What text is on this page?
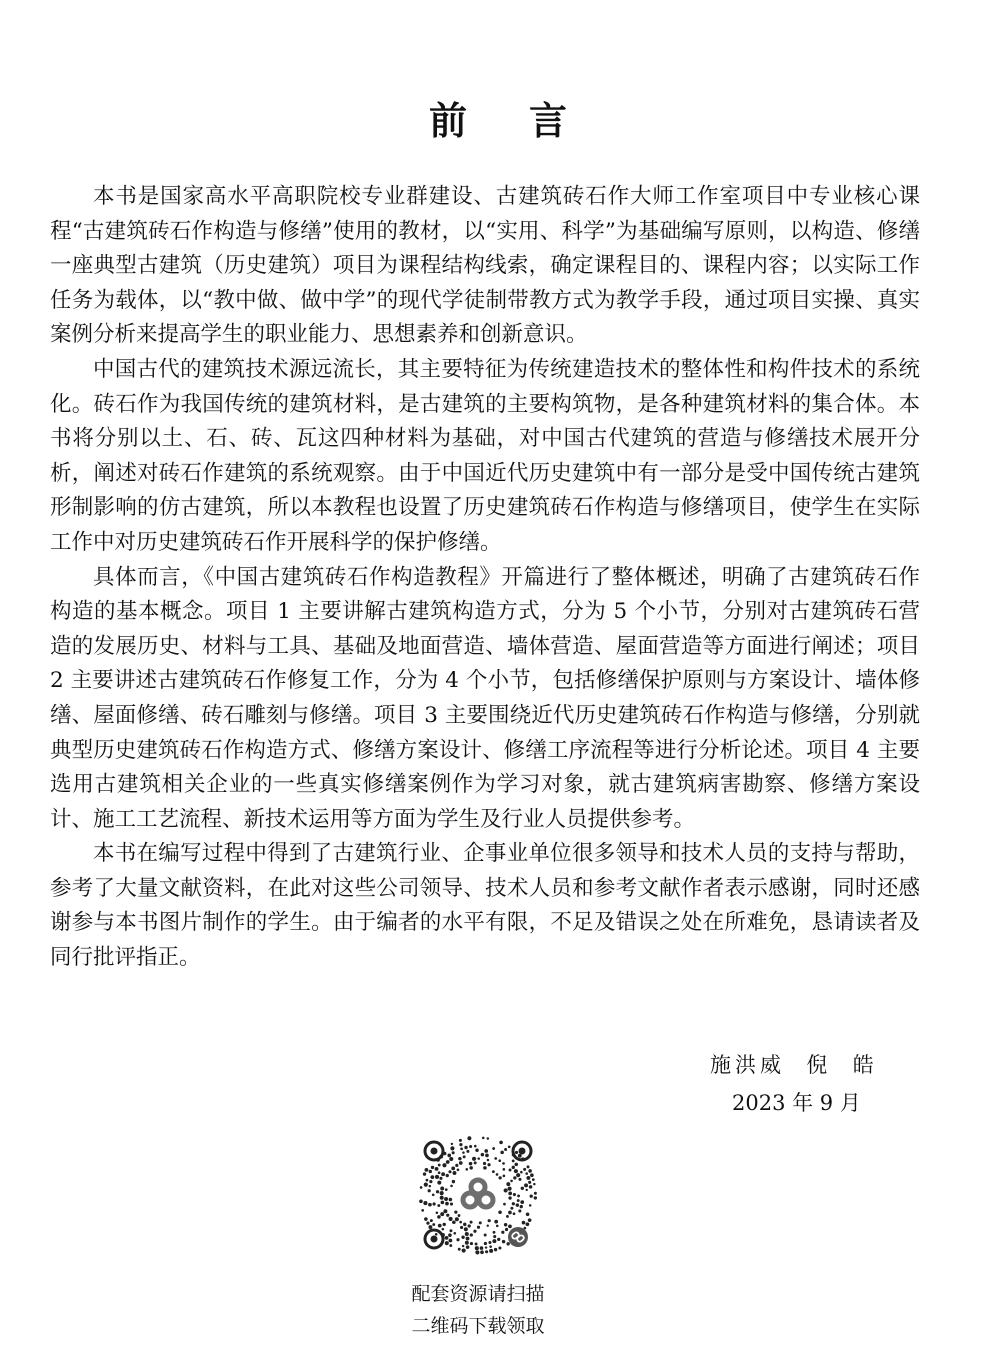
前言

本书是国家高水平高职院校专业群建设、古建筑砖石作大师工作室项目中专业核心课程“古建筑砖石作构造与修缮”使用的教材，以“实用、科学”为基础编写原则，以构造、修缮一座典型古建筑（历史建筑）项目为课程结构线索，确定课程目的、课程内容；以实际工作任务为载体，以“教中做、做中学”的现代学徒制带教方式为教学手段，通过项目实操、真实案例分析来提高学生的职业能力、思想素养和创新意识。

中国古代的建筑技术源远流长，其主要特征为传统建造技术的整体性和构件技术的系统化。砖石作为我国传统的建筑材料，是古建筑的主要构筑物，是各种建筑材料的集合体。本书将分别以土、石、砖、瓦这四种材料为基础，对中国古代建筑的营造与修缮技术展开分析，阐述对砖石作建筑的系统观察。由于中国近代历史建筑中有一部分是受中国传统古建筑形制影响的仿古建筑，所以本教程也设置了历史建筑砖石作构造与修缮项目，使学生在实际工作中对历史建筑砖石作开展科学的保护修缮。

具体而言，《中国古建筑砖石作构造教程》开篇进行了整体概述，明确了古建筑砖石作构造的基本概念。项目 1 主要讲解古建筑构造方式，分为 5 个小节，分别对古建筑砖石营造的发展历史、材料与工具、基础及地面营造、墙体营造、屋面营造等方面进行阐述；项目 2 主要讲述古建筑砖石作修复工作，分为 4 个小节，包括修缮保护原则与方案设计、墙体修缮、屋面修缮、砖石雕刻与修缮。项目 3 主要围绕近代历史建筑砖石作构造与修缮，分别就典型历史建筑砖石作构造方式、修缮方案设计、修缮工序流程等进行分析论述。项目 4 主要选用古建筑相关企业的一些真实修缮案例作为学习对象，就古建筑病害勘察、修缮方案设计、施工工艺流程、新技术运用等方面为学生及行业人员提供参考。

本书在编写过程中得到了古建筑行业、企事业单位很多领导和技术人员的支持与帮助，参考了大量文献资料，在此对这些公司领导、技术人员和参考文献作者表示感谢，同时还感谢参与本书图片制作的学生。由于编者的水平有限，不足及错误之处在所难免，恳请读者及同行批评指正。

施洪威  倪  皓
2023 年 9 月
配套资源请扫描
二维码下载领取
